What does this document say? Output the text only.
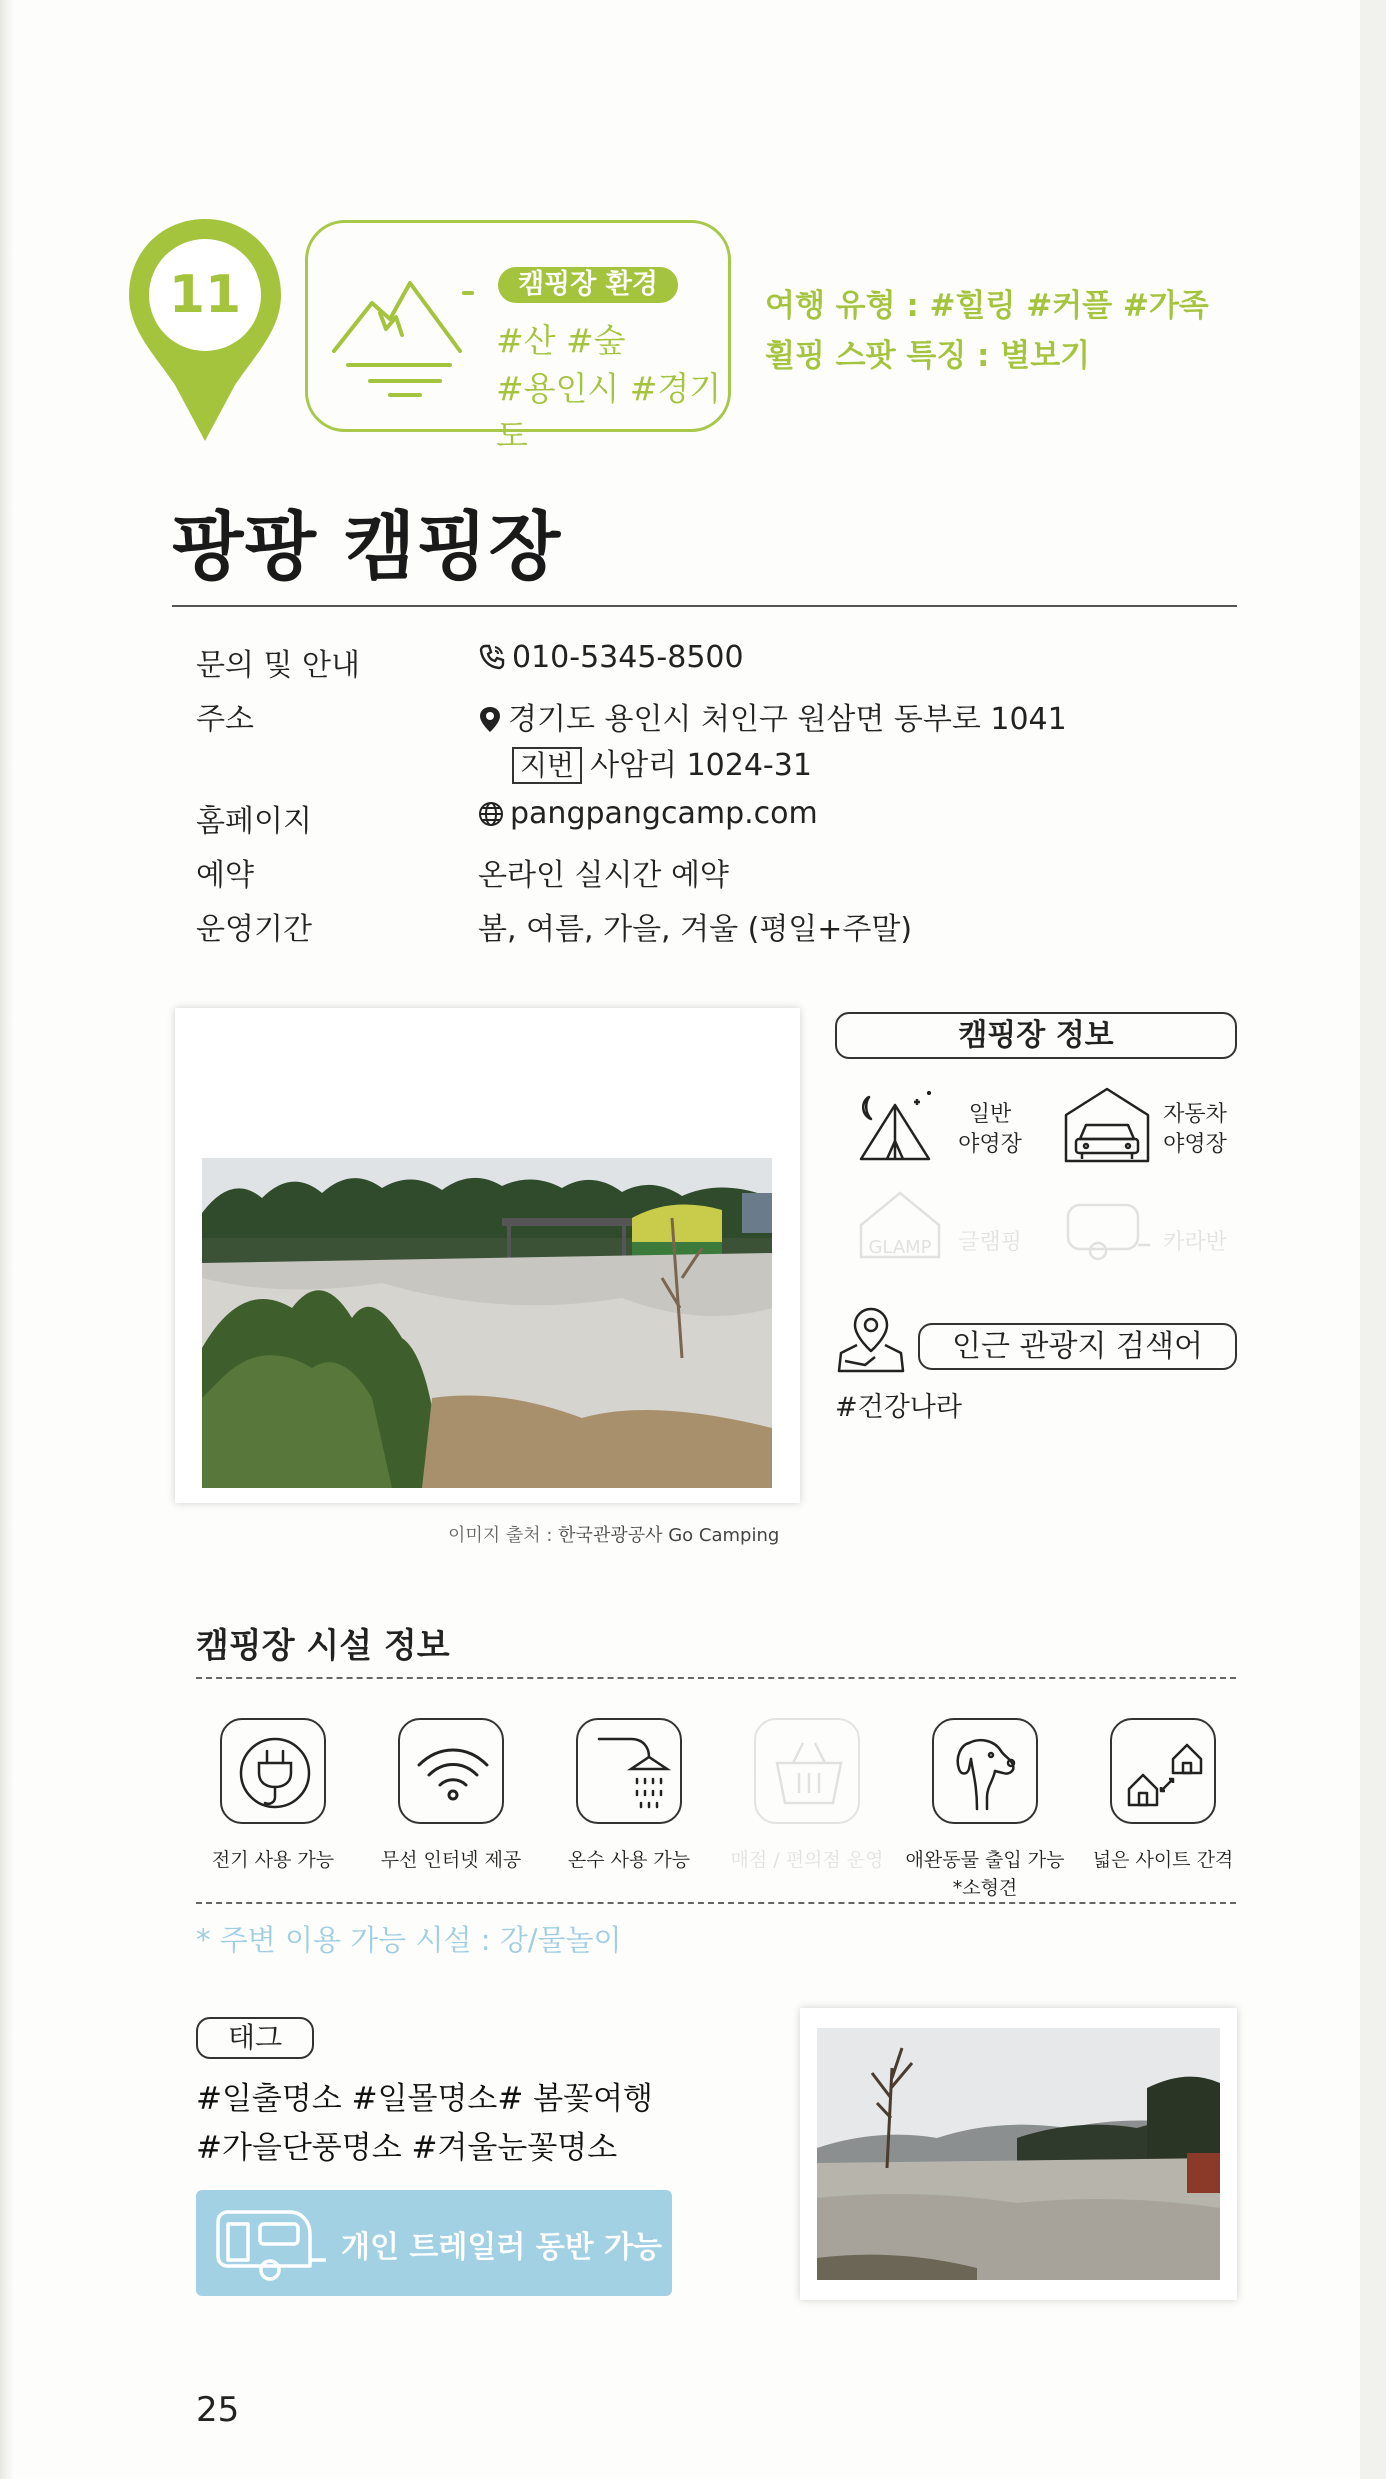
11	캠핑장 환경
#산 #숲
#용인시 #경기도
여행 유형 : #힐링 #커플 #가족
휠핑 스팟 특징 : 별보기
팡팡 캠핑장
문의 및 안내	010-5345-8500
주소	경기도 용인시 처인구 원삼면 동부로 1041
지번 사암리 1024-31
홈페이지	pangpangcamp.com
예약	온라인 실시간 예약
운영기간	봄, 여름, 가을, 겨울 (평일+주말)
이미지 출처 : 한국관광공사 Go Camping
캠핑장 정보
일반
야영장
자동차
야영장
GLAMP	글램핑	카라반
인근 관광지 검색어
#건강나라
캠핑장 시설 정보
전기 사용 가능	무선 인터넷 제공	온수 사용 가능	매점 / 편의점 운영 애완동물 출입 가능
*소형견
넓은 사이트 간격
* 주변 이용 가능 시설 : 강/물놀이
태그
#일출명소 #일몰명소# 봄꽃여행
#가을단풍명소 #겨울눈꽃명소
개인 트레일러 동반 가능
25
